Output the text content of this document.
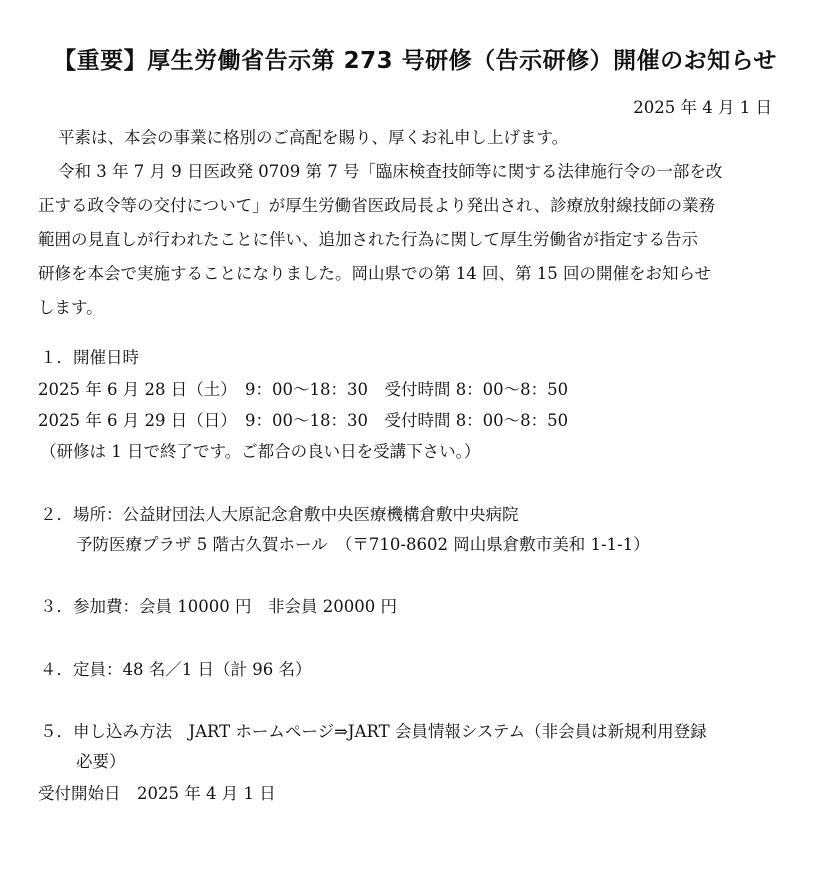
【重要】厚生労働省告示第 273 号研修（告示研修）開催のお知らせ
2025 年 4 月 1 日
平素は、本会の事業に格別のご高配を賜り、厚くお礼申し上げます。
令和 3 年 7 月 9 日医政発 0709 第 7 号「臨床検査技師等に関する法律施行令の一部を改
正する政令等の交付について」が厚生労働省医政局長より発出され、診療放射線技師の業務
範囲の見直しが行われたことに伴い、追加された行為に関して厚生労働省が指定する告示
研修を本会で実施することになりました。岡山県での第 14 回、第 15 回の開催をお知らせ
します。
１．開催日時
2025 年 6 月 28 日（土）　9：00〜18：30　受付時間 8：00〜8：50
2025 年 6 月 29 日（日）　9：00〜18：30　受付時間 8：00〜8：50
（研修は 1 日で終了です。ご都合の良い日を受講下さい。）
２．場所：公益財団法人大原記念倉敷中央医療機構倉敷中央病院
予防医療プラザ 5 階古久賀ホール　（〒710-8602 岡山県倉敷市美和 1-1-1）
３．参加費：会員 10000 円　非会員 20000 円
４．定員：48 名／1 日（計 96 名）
５．申し込み方法　JART ホームページ⇒JART 会員情報システム（非会員は新規利用登録
必要）
受付開始日　2025 年 4 月 1 日
